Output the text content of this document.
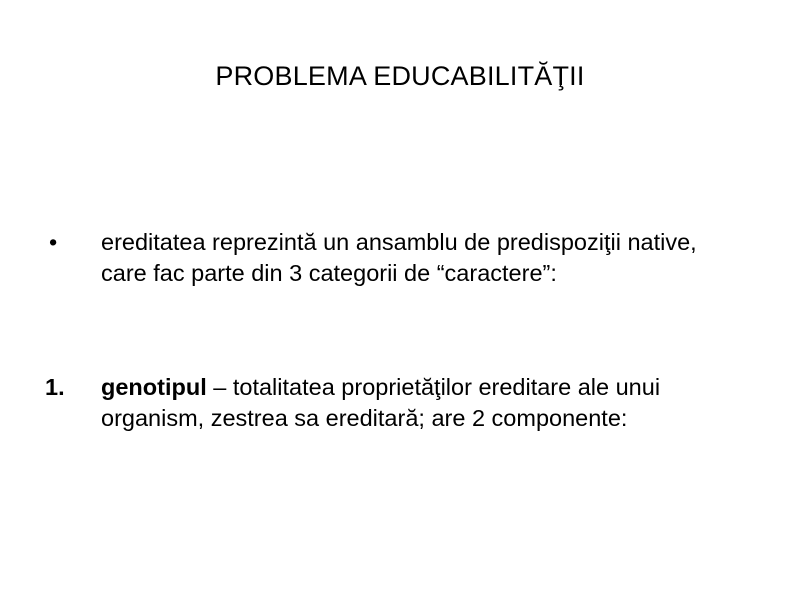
PROBLEMA EDUCABILITĂŢII
•	ereditatea reprezintă un ansamblu de predispoziţii native, care fac parte din 3 categorii de “caractere”:
1.	genotipul – totalitatea proprietăţilor ereditare ale unui organism, zestrea sa ereditară; are 2 componente:
